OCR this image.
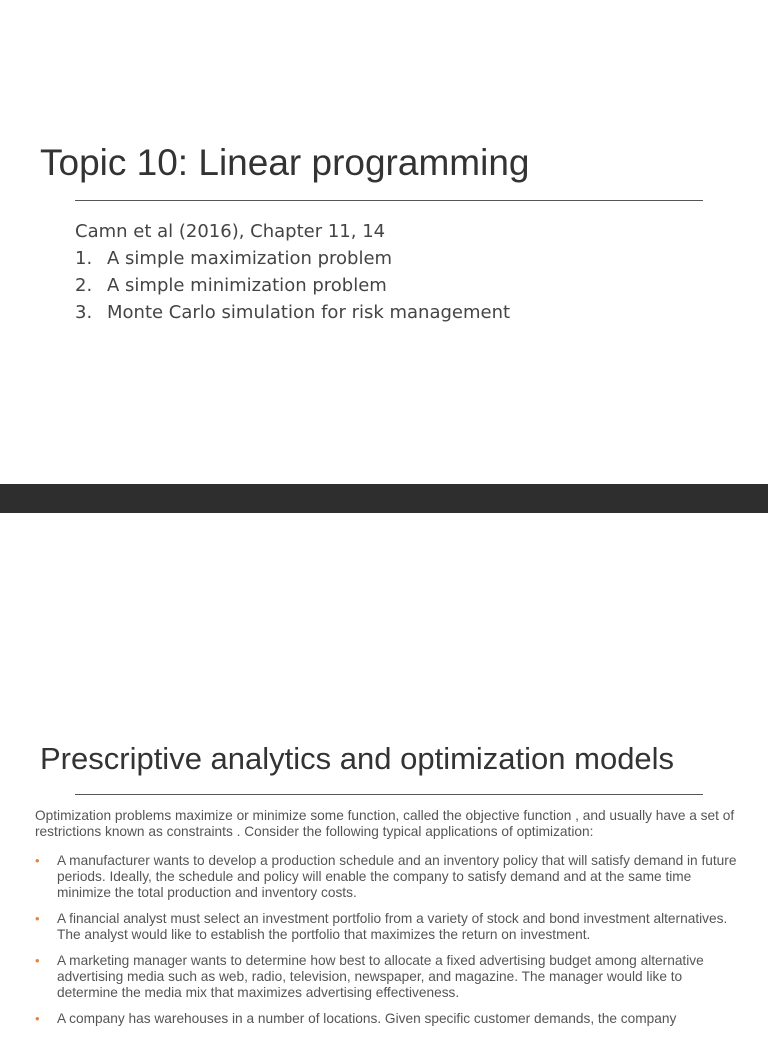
Topic 10: Linear programming
Camn et al (2016), Chapter 11, 14
1. A simple maximization problem
2. A simple minimization problem
3. Monte Carlo simulation for risk management
Prescriptive analytics and optimization models

Optimization problems maximize or minimize some function, called the objective function , and usually have a set of restrictions known as constraints . Consider the following typical applications of optimization:

• A manufacturer wants to develop a production schedule and an inventory policy that will satisfy demand in future periods. Ideally, the schedule and policy will enable the company to satisfy demand and at the same time minimize the total production and inventory costs.
• A financial analyst must select an investment portfolio from a variety of stock and bond investment alternatives. The analyst would like to establish the portfolio that maximizes the return on investment.
• A marketing manager wants to determine how best to allocate a fixed advertising budget among alternative advertising media such as web, radio, television, newspaper, and magazine. The manager would like to determine the media mix that maximizes advertising effectiveness.
• A company has warehouses in a number of locations. Given specific customer demands, the company
